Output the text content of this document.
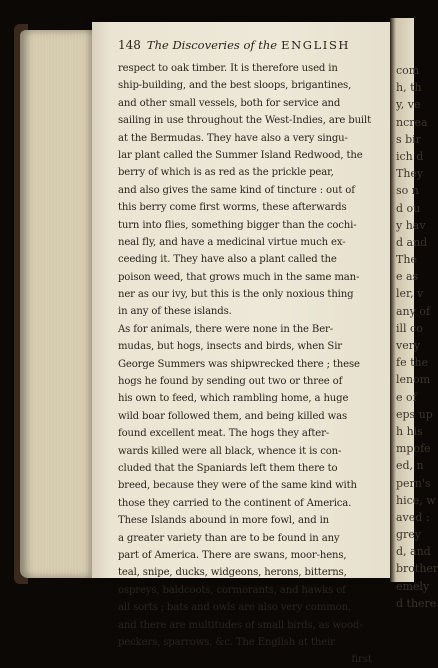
com
h, th
y, ve
ncrea
s bir
ich d
They
so n
d ou
y hav
d and
The
e as
ler, v
any of
ill co
very
fe the
lenom
e of
eps up
h his
mpofe
ed, n
pern's
hice, w
aved :
grey
d, and
brother
emely
d there
148 The Discoveries of the ENGLISH
respect to oak timber. It is therefore used in
ship-building, and the best sloops, brigantines,
and other small vessels, both for service and
sailing in use throughout the West-Indies, are built
at the Bermudas. They have also a very singu-
lar plant called the Summer Island Redwood, the
berry of which is as red as the prickle pear,
and also gives the same kind of tincture : out of
this berry come first worms, these afterwards
turn into flies, something bigger than the cochi-
neal fly, and have a medicinal virtue much ex-
ceeding it. They have also a plant called the
poison weed, that grows much in the same man-
ner as our ivy, but this is the only noxious thing
in any of these islands.
As for animals, there were none in the Ber-
mudas, but hogs, insects and birds, when Sir
George Summers was shipwrecked there ; these
hogs he found by sending out two or three of
his own to feed, which rambling home, a huge
wild boar followed them, and being killed was
found excellent meat. The hogs they after-
wards killed were all black, whence it is con-
cluded that the Spaniards left them there to
breed, because they were of the same kind with
those they carried to the continent of America.
These Islands abound in more fowl, and in
a greater variety than are to be found in any
part of America. There are swans, moor-hens,
teal, snipe, ducks, widgeons, herons, bitterns,
ospreys, baldcoots, cormorants, and hawks of
all sorts ; bats and owls are also very common,
and there are multitudes of small birds, as wood-
peckers, sparrows, &c. The English at their
first
